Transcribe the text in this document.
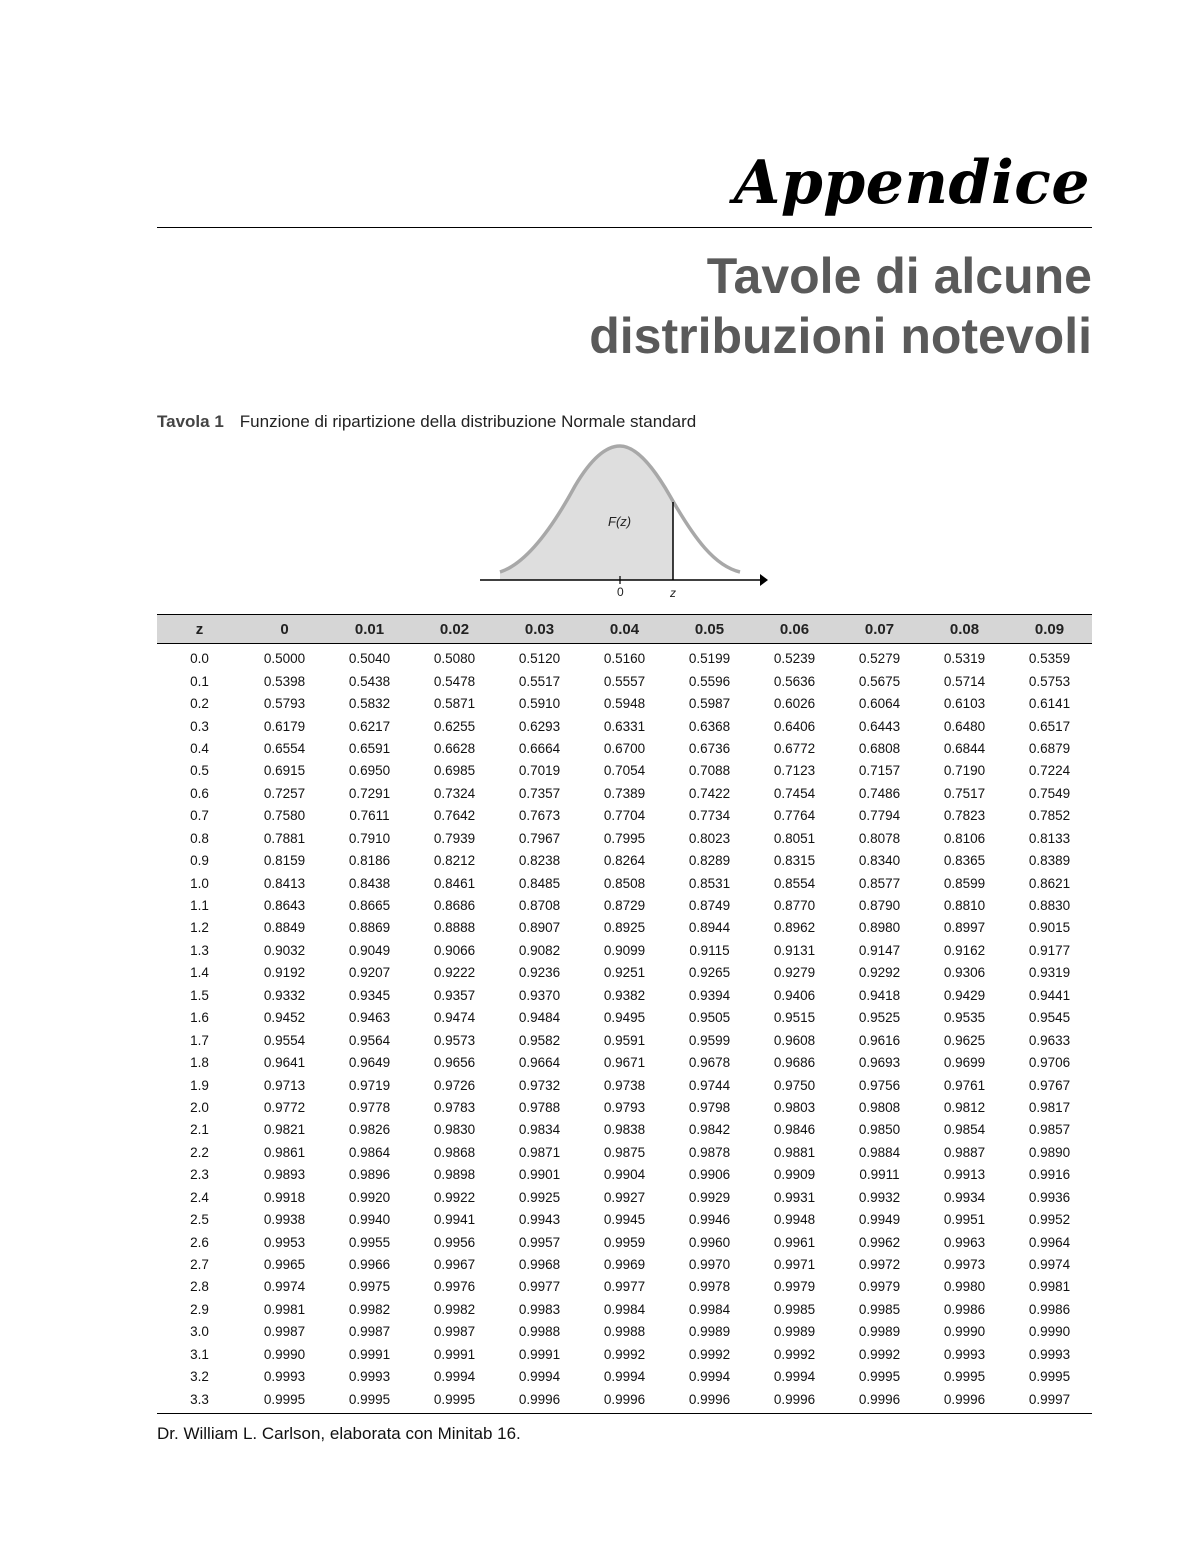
Appendice
Tavole di alcune
distribuzioni notevoli
Tavola 1 Funzione di ripartizione della distribuzione Normale standard
F(z)
0	z
z	0	0.01	0.02	0.03	0.04	0.05	0.06	0.07	0.08	0.09
0.0	0.5000	0.5040	0.5080	0.5120	0.5160	0.5199	0.5239	0.5279	0.5319	0.5359
0.1	0.5398	0.5438	0.5478	0.5517	0.5557	0.5596	0.5636	0.5675	0.5714	0.5753
0.2	0.5793	0.5832	0.5871	0.5910	0.5948	0.5987	0.6026	0.6064	0.6103	0.6141
0.3	0.6179	0.6217	0.6255	0.6293	0.6331	0.6368	0.6406	0.6443	0.6480	0.6517
0.4	0.6554	0.6591	0.6628	0.6664	0.6700	0.6736	0.6772	0.6808	0.6844	0.6879
0.5	0.6915	0.6950	0.6985	0.7019	0.7054	0.7088	0.7123	0.7157	0.7190	0.7224
0.6	0.7257	0.7291	0.7324	0.7357	0.7389	0.7422	0.7454	0.7486	0.7517	0.7549
0.7	0.7580	0.7611	0.7642	0.7673	0.7704	0.7734	0.7764	0.7794	0.7823	0.7852
0.8	0.7881	0.7910	0.7939	0.7967	0.7995	0.8023	0.8051	0.8078	0.8106	0.8133
0.9	0.8159	0.8186	0.8212	0.8238	0.8264	0.8289	0.8315	0.8340	0.8365	0.8389
1.0	0.8413	0.8438	0.8461	0.8485	0.8508	0.8531	0.8554	0.8577	0.8599	0.8621
1.1	0.8643	0.8665	0.8686	0.8708	0.8729	0.8749	0.8770	0.8790	0.8810	0.8830
1.2	0.8849	0.8869	0.8888	0.8907	0.8925	0.8944	0.8962	0.8980	0.8997	0.9015
1.3	0.9032	0.9049	0.9066	0.9082	0.9099	0.9115	0.9131	0.9147	0.9162	0.9177
1.4	0.9192	0.9207	0.9222	0.9236	0.9251	0.9265	0.9279	0.9292	0.9306	0.9319
1.5	0.9332	0.9345	0.9357	0.9370	0.9382	0.9394	0.9406	0.9418	0.9429	0.9441
1.6	0.9452	0.9463	0.9474	0.9484	0.9495	0.9505	0.9515	0.9525	0.9535	0.9545
1.7	0.9554	0.9564	0.9573	0.9582	0.9591	0.9599	0.9608	0.9616	0.9625	0.9633
1.8	0.9641	0.9649	0.9656	0.9664	0.9671	0.9678	0.9686	0.9693	0.9699	0.9706
1.9	0.9713	0.9719	0.9726	0.9732	0.9738	0.9744	0.9750	0.9756	0.9761	0.9767
2.0	0.9772	0.9778	0.9783	0.9788	0.9793	0.9798	0.9803	0.9808	0.9812	0.9817
2.1	0.9821	0.9826	0.9830	0.9834	0.9838	0.9842	0.9846	0.9850	0.9854	0.9857
2.2	0.9861	0.9864	0.9868	0.9871	0.9875	0.9878	0.9881	0.9884	0.9887	0.9890
2.3	0.9893	0.9896	0.9898	0.9901	0.9904	0.9906	0.9909	0.9911	0.9913	0.9916
2.4	0.9918	0.9920	0.9922	0.9925	0.9927	0.9929	0.9931	0.9932	0.9934	0.9936
2.5	0.9938	0.9940	0.9941	0.9943	0.9945	0.9946	0.9948	0.9949	0.9951	0.9952
2.6	0.9953	0.9955	0.9956	0.9957	0.9959	0.9960	0.9961	0.9962	0.9963	0.9964
2.7	0.9965	0.9966	0.9967	0.9968	0.9969	0.9970	0.9971	0.9972	0.9973	0.9974
2.8	0.9974	0.9975	0.9976	0.9977	0.9977	0.9978	0.9979	0.9979	0.9980	0.9981
2.9	0.9981	0.9982	0.9982	0.9983	0.9984	0.9984	0.9985	0.9985	0.9986	0.9986
3.0	0.9987	0.9987	0.9987	0.9988	0.9988	0.9989	0.9989	0.9989	0.9990	0.9990
3.1	0.9990	0.9991	0.9991	0.9991	0.9992	0.9992	0.9992	0.9992	0.9993	0.9993
3.2	0.9993	0.9993	0.9994	0.9994	0.9994	0.9994	0.9994	0.9995	0.9995	0.9995
3.3	0.9995	0.9995	0.9995	0.9996	0.9996	0.9996	0.9996	0.9996	0.9996	0.9997
Dr. William L. Carlson, elaborata con Minitab 16.
